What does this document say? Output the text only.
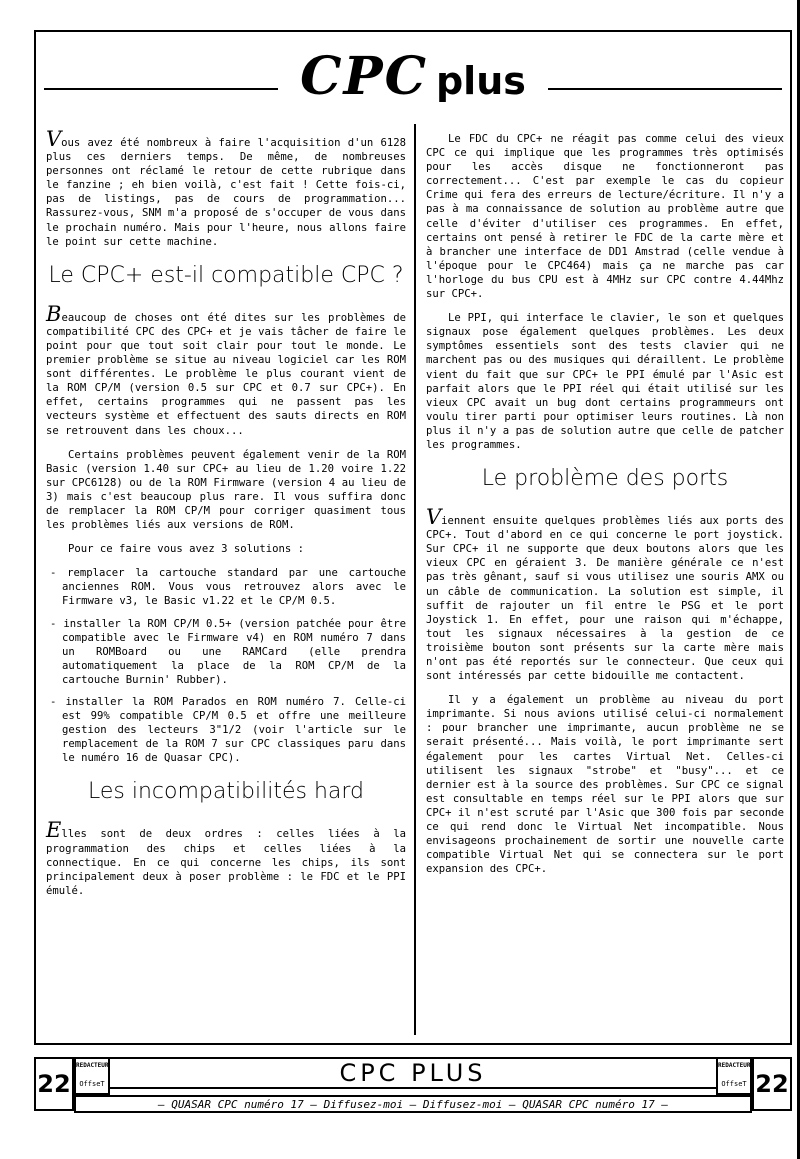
CPC plus

Vous avez été nombreux à faire l'acquisition d'un 6128 plus ces derniers temps. De même, de nombreuses personnes ont réclamé le retour de cette rubrique dans le fanzine ; eh bien voilà, c'est fait ! Cette fois-ci, pas de listings, pas de cours de programmation... Rassurez-vous, SNM m'a proposé de s'occuper de vous dans le prochain numéro. Mais pour l'heure, nous allons faire le point sur cette machine.

Le CPC+ est-il compatible CPC ?

Beaucoup de choses ont été dites sur les problèmes de compatibilité CPC des CPC+ et je vais tâcher de faire le point pour que tout soit clair pour tout le monde. Le premier problème se situe au niveau logiciel car les ROM sont différentes. Le problème le plus courant vient de la ROM CP/M (version 0.5 sur CPC et 0.7 sur CPC+). En effet, certains programmes qui ne passent pas les vecteurs système et effectuent des sauts directs en ROM se retrouvent dans les choux...

Certains problèmes peuvent également venir de la ROM Basic (version 1.40 sur CPC+ au lieu de 1.20 voire 1.22 sur CPC6128) ou de la ROM Firmware (version 4 au lieu de 3) mais c'est beaucoup plus rare. Il vous suffira donc de remplacer la ROM CP/M pour corriger quasiment tous les problèmes liés aux versions de ROM.

Pour ce faire vous avez 3 solutions :

- remplacer la cartouche standard par une cartouche anciennes ROM. Vous vous retrouvez alors avec le Firmware v3, le Basic v1.22 et le CP/M 0.5.
- installer la ROM CP/M 0.5+ (version patchée pour être compatible avec le Firmware v4) en ROM numéro 7 dans un ROMBoard ou une RAMCard (elle prendra automatiquement la place de la ROM CP/M de la cartouche Burnin' Rubber).
- installer la ROM Parados en ROM numéro 7. Celle-ci est 99% compatible CP/M 0.5 et offre une meilleure gestion des lecteurs 3"1/2 (voir l'article sur le remplacement de la ROM 7 sur CPC classiques paru dans le numéro 16 de Quasar CPC).
Les incompatibilités hard

Elles sont de deux ordres : celles liées à la programmation des chips et celles liées à la connectique. En ce qui concerne les chips, ils sont principalement deux à poser problème : le FDC et le PPI émulé.

Le FDC du CPC+ ne réagit pas comme celui des vieux CPC ce qui implique que les programmes très optimisés pour les accès disque ne fonctionneront pas correctement... C'est par exemple le cas du copieur Crime qui fera des erreurs de lecture/écriture. Il n'y a pas à ma connaissance de solution au problème autre que celle d'éviter d'utiliser ces programmes. En effet, certains ont pensé à retirer le FDC de la carte mère et à brancher une interface de DD1 Amstrad (celle vendue à l'époque pour le CPC464) mais ça ne marche pas car l'horloge du bus CPU est à 4MHz sur CPC contre 4.44Mhz sur CPC+.

Le PPI, qui interface le clavier, le son et quelques signaux pose également quelques problèmes. Les deux symptômes essentiels sont des tests clavier qui ne marchent pas ou des musiques qui déraillent. Le problème vient du fait que sur CPC+ le PPI émulé par l'Asic est parfait alors que le PPI réel qui était utilisé sur les vieux CPC avait un bug dont certains programmeurs ont voulu tirer parti pour optimiser leurs routines. Là non plus il n'y a pas de solution autre que celle de patcher les programmes.

Le problème des ports

Viennent ensuite quelques problèmes liés aux ports des CPC+. Tout d'abord en ce qui concerne le port joystick. Sur CPC+ il ne supporte que deux boutons alors que les vieux CPC en géraient 3. De manière générale ce n'est pas très gênant, sauf si vous utilisez une souris AMX ou un câble de communication. La solution est simple, il suffit de rajouter un fil entre le PSG et le port Joystick 1. En effet, pour une raison qui m'échappe, tout les signaux nécessaires à la gestion de ce troisième bouton sont présents sur la carte mère mais n'ont pas été reportés sur le connecteur. Que ceux qui sont intéressés par cette bidouille me contactent.

Il y a également un problème au niveau du port imprimante. Si nous avions utilisé celui-ci normalement : pour brancher une imprimante, aucun problème ne se serait présenté... Mais voilà, le port imprimante sert également pour les cartes Virtual Net. Celles-ci utilisent les signaux "strobe" et "busy"... et ce dernier est à la source des problèmes. Sur CPC ce signal est consultable en temps réel sur le PPI alors que sur CPC+ il n'est scruté par l'Asic que 300 fois par seconde ce qui rend donc le Virtual Net incompatible. Nous envisageons prochainement de sortir une nouvelle carte compatible Virtual Net qui se connectera sur le port expansion des CPC+.

22
REDACTEUR
OffseT	CPC PLUS	REDACTEUR
OffseT 22
— QUASAR CPC numéro 17 — Diffusez-moi — Diffusez-moi — QUASAR CPC numéro 17 —
